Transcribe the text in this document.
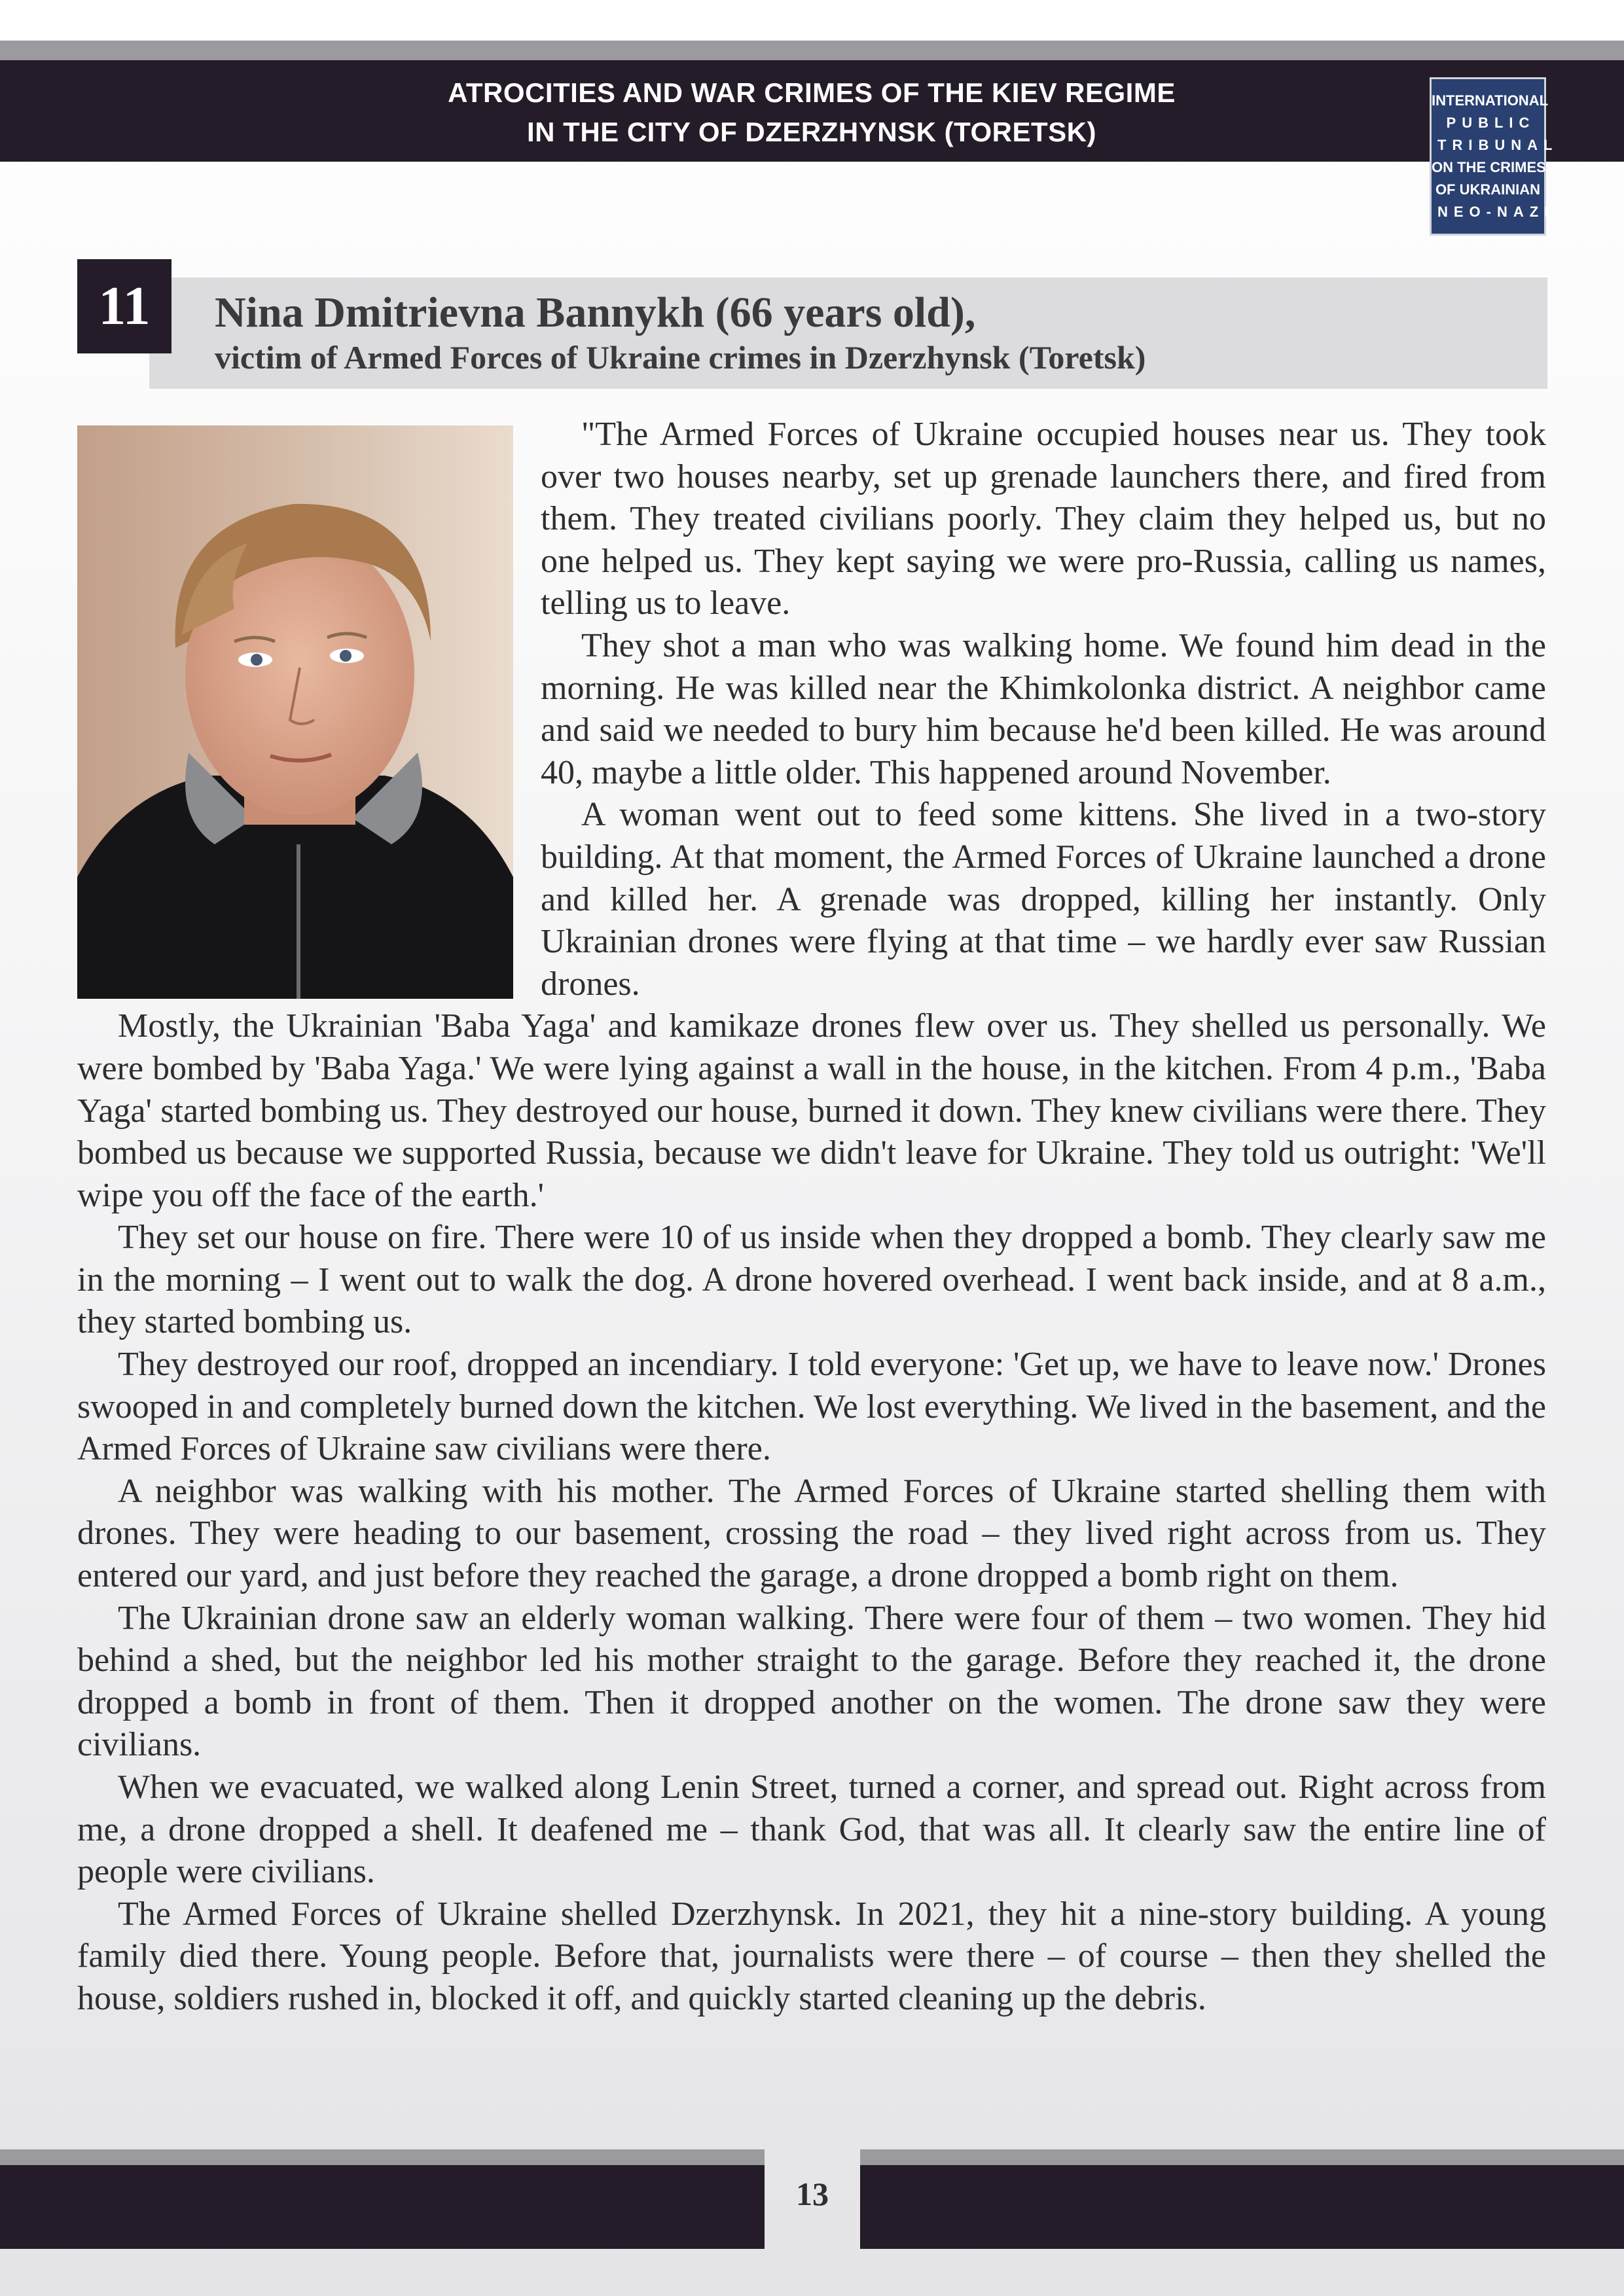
ATROCITIES AND WAR CRIMES OF THE KIEV REGIME
IN THE CITY OF DZERZHYNSK (TORETSK)
INTERNATIONAL
PUBLIC
TRIBUNAL
ON THE CRIMES
OF UKRAINIAN
NEO-NAZI
11	Nina Dmitrievna Bannykh (66 years old),
victim of Armed Forces of Ukraine crimes in Dzerzhynsk (Toretsk)

"The Armed Forces of Ukraine occupied houses near us. They took over two houses nearby, set up grenade launchers there, and fired from them. They treated civilians poorly. They claim they helped us, but no one helped us. They kept saying we were pro-Russia, calling us names, telling us to leave.

They shot a man who was walking home. We found him dead in the morning. He was killed near the Khimkolonka district. A neighbor came and said we needed to bury him because he'd been killed. He was around 40, maybe a little older. This happened around November.

A woman went out to feed some kittens. She lived in a two-story building. At that moment, the Armed Forces of Ukraine launched a drone and killed her. A grenade was dropped, killing her instantly. Only Ukrainian drones were flying at that time – we hardly ever saw Russian drones.

Mostly, the Ukrainian 'Baba Yaga' and kamikaze drones flew over us. They shelled us personally. We were bombed by 'Baba Yaga.' We were lying against a wall in the house, in the kitchen. From 4 p.m., 'Baba Yaga' started bombing us. They destroyed our house, burned it down. They knew civilians were there. They bombed us because we supported Russia, because we didn't leave for Ukraine. They told us outright: 'We'll wipe you off the face of the earth.'

They set our house on fire. There were 10 of us inside when they dropped a bomb. They clearly saw me in the morning – I went out to walk the dog. A drone hovered overhead. I went back inside, and at 8 a.m., they started bombing us.

They destroyed our roof, dropped an incendiary. I told everyone: 'Get up, we have to leave now.' Drones swooped in and completely burned down the kitchen. We lost everything. We lived in the basement, and the Armed Forces of Ukraine saw civilians were there.

A neighbor was walking with his mother. The Armed Forces of Ukraine started shelling them with drones. They were heading to our basement, crossing the road – they lived right across from us. They entered our yard, and just before they reached the garage, a drone dropped a bomb right on them.

The Ukrainian drone saw an elderly woman walking. There were four of them – two women. They hid behind a shed, but the neighbor led his mother straight to the garage. Before they reached it, the drone dropped a bomb in front of them. Then it dropped another on the women. The drone saw they were civilians.

When we evacuated, we walked along Lenin Street, turned a corner, and spread out. Right across from me, a drone dropped a shell. It deafened me – thank God, that was all. It clearly saw the entire line of people were civilians.

The Armed Forces of Ukraine shelled Dzerzhynsk. In 2021, they hit a nine-story building. A young family died there. Young people. Before that, journalists were there – of course – then they shelled the house, soldiers rushed in, blocked it off, and quickly started cleaning up the debris.

13
